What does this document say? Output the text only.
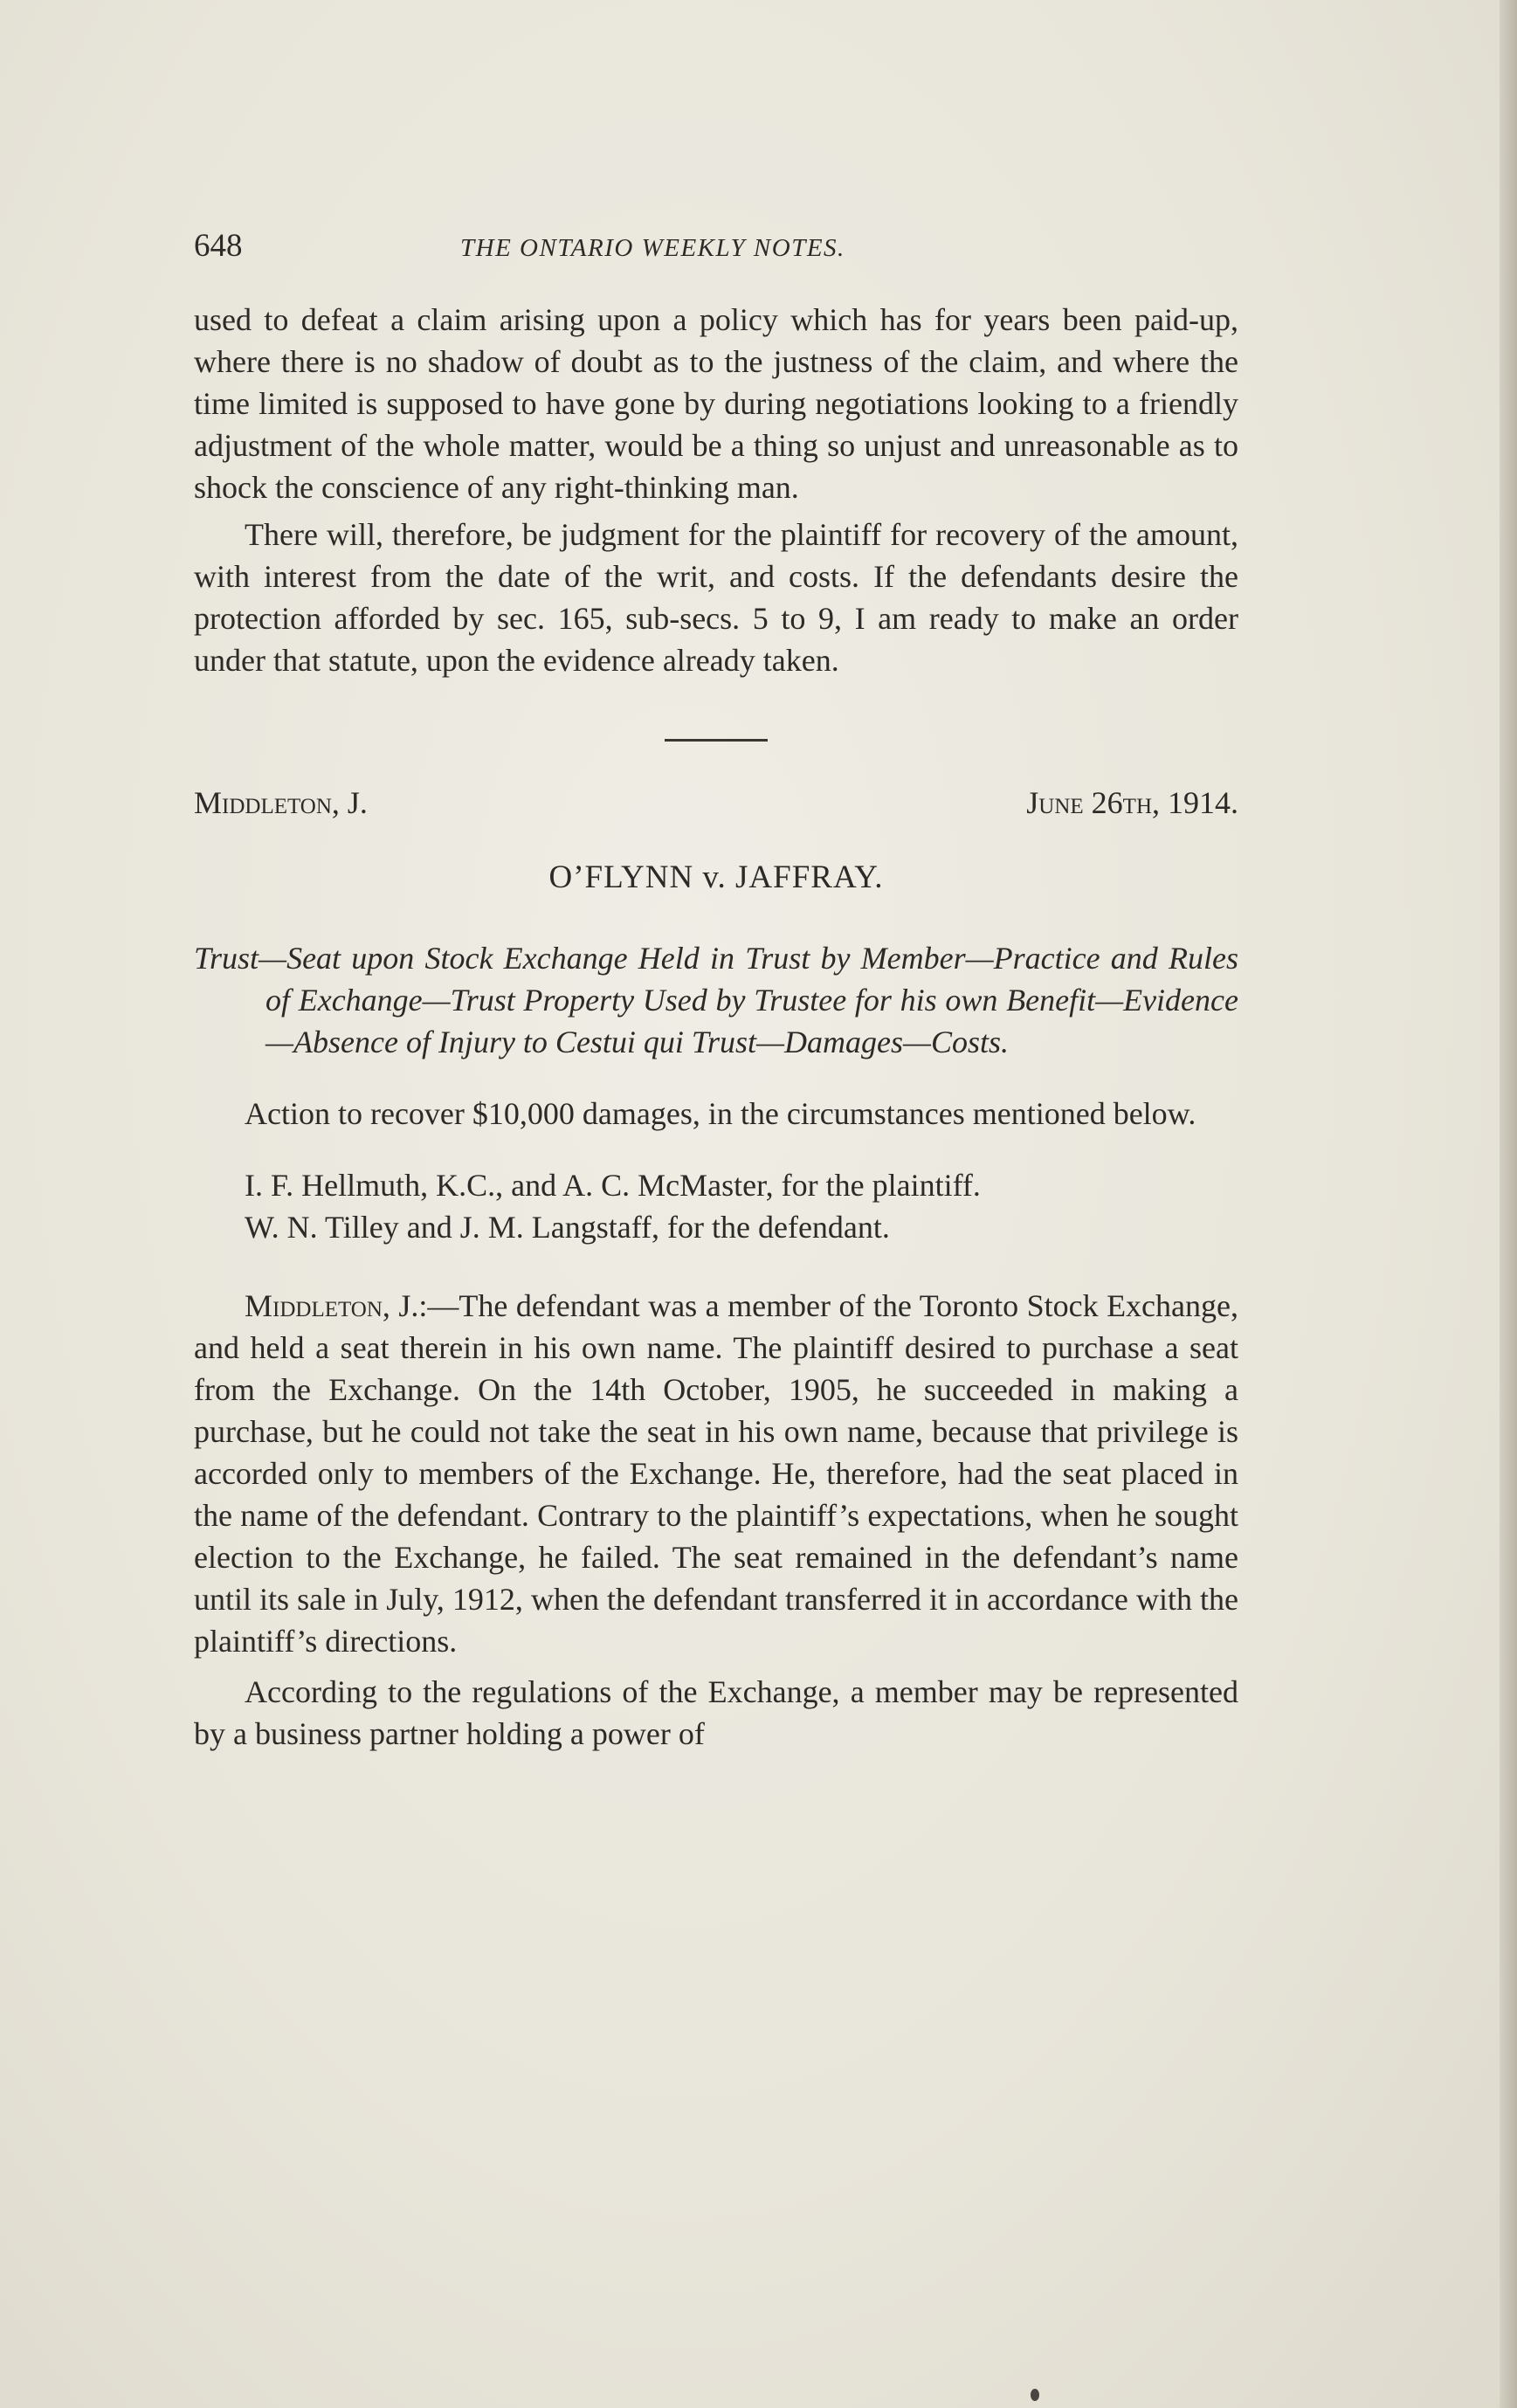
648	THE ONTARIO WEEKLY NOTES.

used to defeat a claim arising upon a policy which has for years been paid-up, where there is no shadow of doubt as to the justness of the claim, and where the time limited is supposed to have gone by during negotiations looking to a friendly adjustment of the whole matter, would be a thing so unjust and unreasonable as to shock the conscience of any right-thinking man.

There will, therefore, be judgment for the plaintiff for recovery of the amount, with interest from the date of the writ, and costs. If the defendants desire the protection afforded by sec. 165, sub-secs. 5 to 9, I am ready to make an order under that statute, upon the evidence already taken.

Middleton, J.	June 26th, 1914.
O’FLYNN v. JAFFRAY.

Trust—Seat upon Stock Exchange Held in Trust by Member—Practice and Rules of Exchange—Trust Property Used by Trustee for his own Benefit—Evidence—Absence of Injury to Cestui qui Trust—Damages—Costs.

Action to recover $10,000 damages, in the circumstances mentioned below.

I. F. Hellmuth, K.C., and A. C. McMaster, for the plaintiff.
W. N. Tilley and J. M. Langstaff, for the defendant.

Middleton, J.:—The defendant was a member of the Toronto Stock Exchange, and held a seat therein in his own name. The plaintiff desired to purchase a seat from the Exchange. On the 14th October, 1905, he succeeded in making a purchase, but he could not take the seat in his own name, because that privilege is accorded only to members of the Exchange. He, therefore, had the seat placed in the name of the defendant. Contrary to the plaintiff’s expectations, when he sought election to the Exchange, he failed. The seat remained in the defendant’s name until its sale in July, 1912, when the defendant transferred it in accordance with the plaintiff’s directions.

According to the regulations of the Exchange, a member may be represented by a business partner holding a power of
